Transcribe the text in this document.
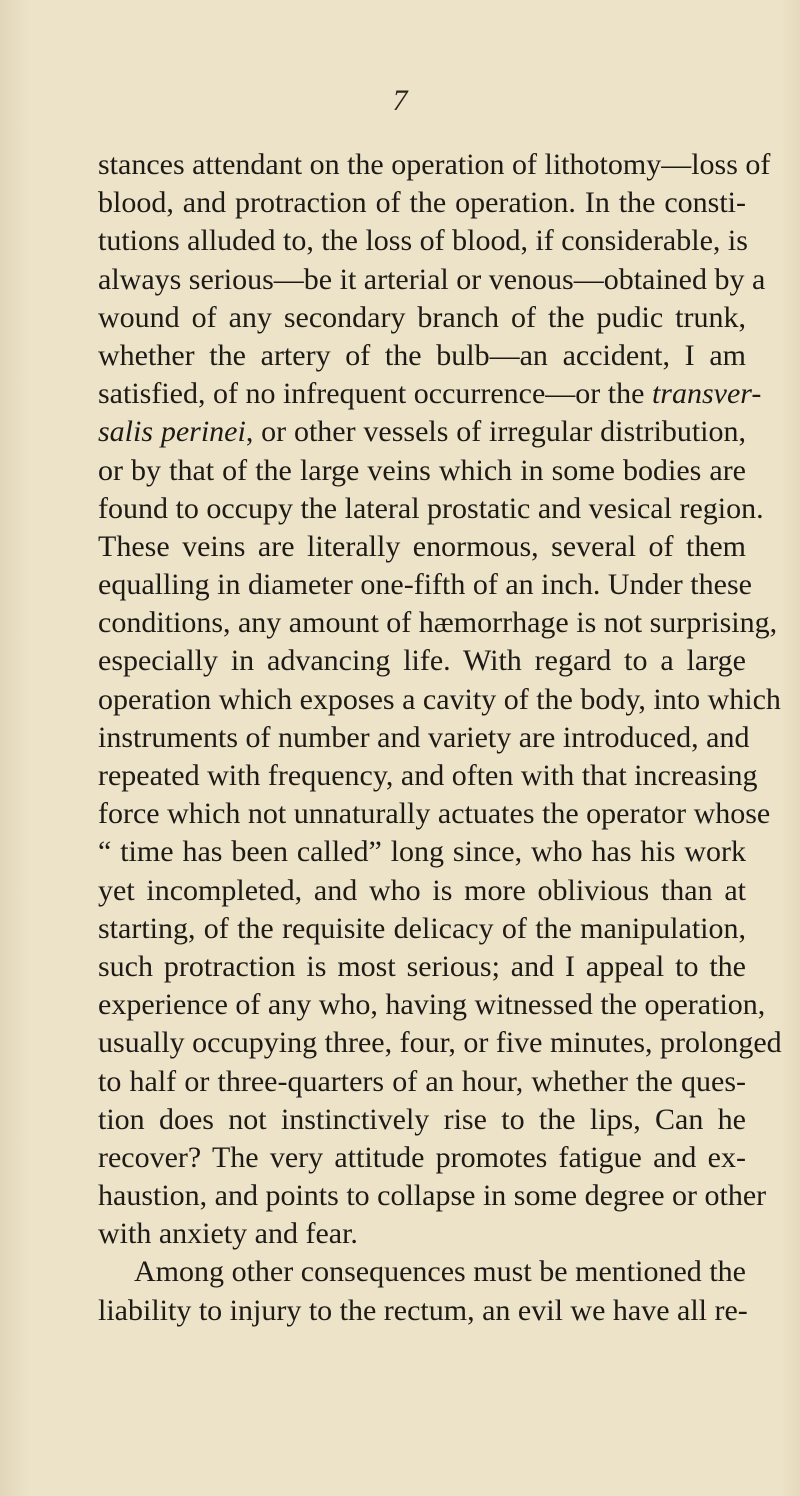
7
stances attendant on the operation of lithotomy—loss of
blood, and protraction of the operation. In the consti-
tutions alluded to, the loss of blood, if considerable, is
always serious—be it arterial or venous—obtained by a
wound of any secondary branch of the pudic trunk,
whether the artery of the bulb—an accident, I am
satisfied, of no infrequent occurrence—or the transver-
salis perinei, or other vessels of irregular distribution,
or by that of the large veins which in some bodies are
found to occupy the lateral prostatic and vesical region.
These veins are literally enormous, several of them
equalling in diameter one-fifth of an inch. Under these
conditions, any amount of hæmorrhage is not surprising,
especially in advancing life. With regard to a large
operation which exposes a cavity of the body, into which
instruments of number and variety are introduced, and
repeated with frequency, and often with that increasing
force which not unnaturally actuates the operator whose
“ time has been called” long since, who has his work
yet incompleted, and who is more oblivious than at
starting, of the requisite delicacy of the manipulation,
such protraction is most serious; and I appeal to the
experience of any who, having witnessed the operation,
usually occupying three, four, or five minutes, prolonged
to half or three-quarters of an hour, whether the ques-
tion does not instinctively rise to the lips, Can he
recover? The very attitude promotes fatigue and ex-
haustion, and points to collapse in some degree or other
with anxiety and fear.
Among other consequences must be mentioned the
liability to injury to the rectum, an evil we have all re-
